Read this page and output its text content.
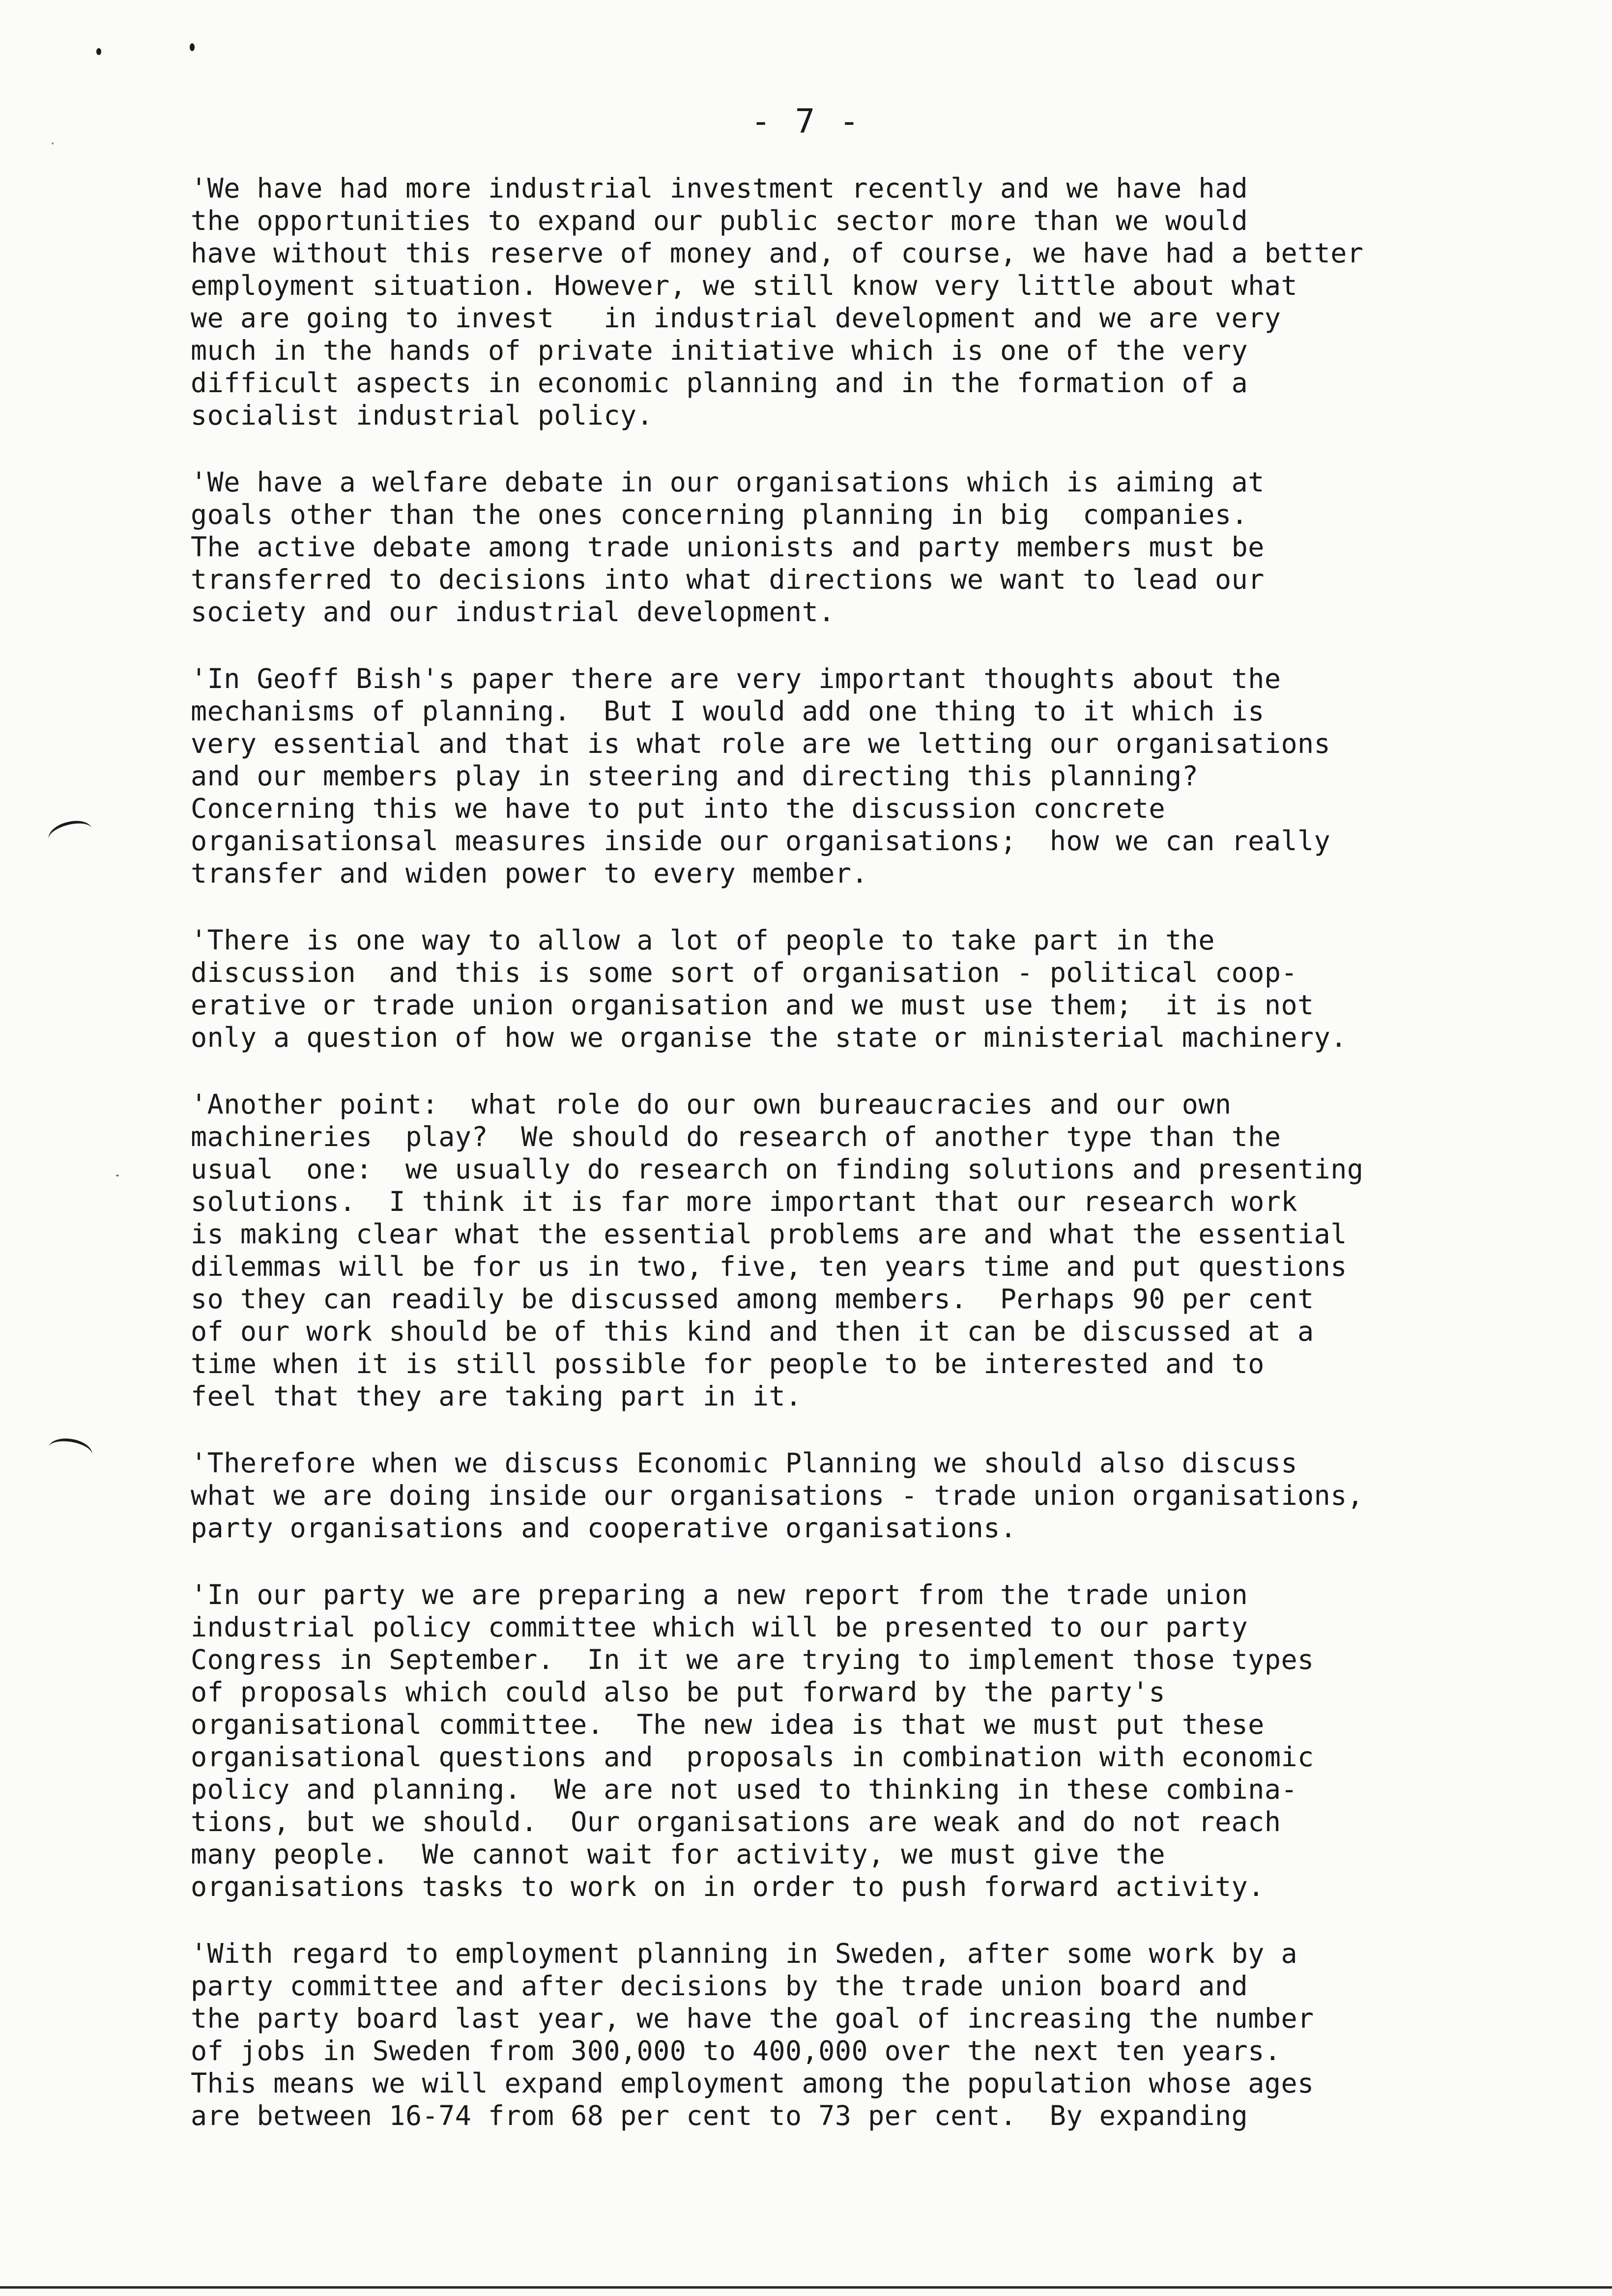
- 7 -

'We have had more industrial investment recently and we have had
the opportunities to expand our public sector more than we would
have without this reserve of money and, of course, we have had a better
employment situation. However, we still know very little about what
we are going to invest   in industrial development and we are very
much in the hands of private initiative which is one of the very
difficult aspects in economic planning and in the formation of a
socialist industrial policy.

'We have a welfare debate in our organisations which is aiming at
goals other than the ones concerning planning in big  companies.
The active debate among trade unionists and party members must be
transferred to decisions into what directions we want to lead our
society and our industrial development.

'In Geoff Bish's paper there are very important thoughts about the
mechanisms of planning.  But I would add one thing to it which is
very essential and that is what role are we letting our organisations
and our members play in steering and directing this planning?
Concerning this we have to put into the discussion concrete
organisationsal measures inside our organisations;  how we can really
transfer and widen power to every member.

'There is one way to allow a lot of people to take part in the
discussion  and this is some sort of organisation - political coop-
erative or trade union organisation and we must use them;  it is not
only a question of how we organise the state or ministerial machinery.

'Another point:  what role do our own bureaucracies and our own
machineries  play?  We should do research of another type than the
usual  one:  we usually do research on finding solutions and presenting
solutions.  I think it is far more important that our research work
is making clear what the essential problems are and what the essential
dilemmas will be for us in two, five, ten years time and put questions
so they can readily be discussed among members.  Perhaps 90 per cent
of our work should be of this kind and then it can be discussed at a
time when it is still possible for people to be interested and to
feel that they are taking part in it.

'Therefore when we discuss Economic Planning we should also discuss
what we are doing inside our organisations - trade union organisations,
party organisations and cooperative organisations.

'In our party we are preparing a new report from the trade union
industrial policy committee which will be presented to our party
Congress in September.  In it we are trying to implement those types
of proposals which could also be put forward by the party's
organisational committee.  The new idea is that we must put these
organisational questions and  proposals in combination with economic
policy and planning.  We are not used to thinking in these combina-
tions, but we should.  Our organisations are weak and do not reach
many people.  We cannot wait for activity, we must give the
organisations tasks to work on in order to push forward activity.

'With regard to employment planning in Sweden, after some work by a
party committee and after decisions by the trade union board and
the party board last year, we have the goal of increasing the number
of jobs in Sweden from 300,000 to 400,000 over the next ten years.
This means we will expand employment among the population whose ages
are between 16-74 from 68 per cent to 73 per cent.  By expanding
